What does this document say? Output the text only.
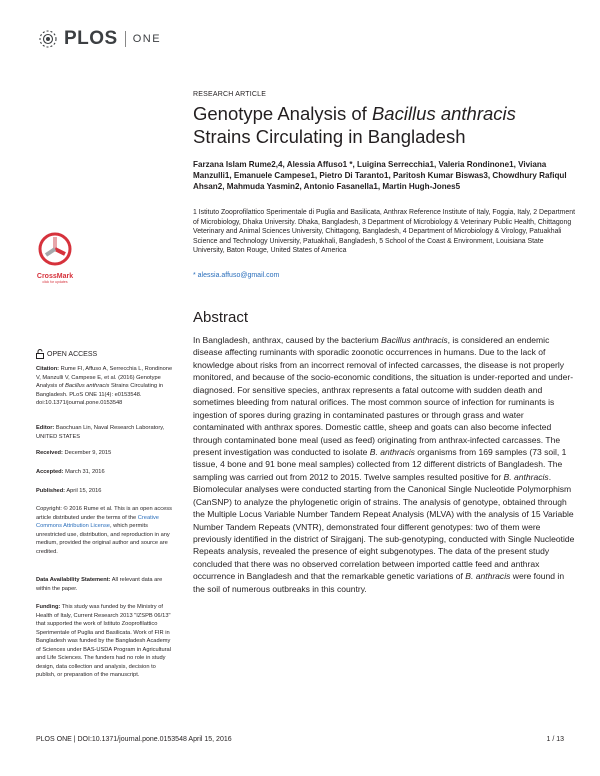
PLOS ONE
RESEARCH ARTICLE
Genotype Analysis of Bacillus anthracis
Strains Circulating in Bangladesh
Farzana Islam Rume2,4, Alessia Affuso1 *, Luigina Serrecchia1, Valeria Rondinone1, Viviana Manzulli1, Emanuele Campese1, Pietro Di Taranto1, Paritosh Kumar Biswas3, Chowdhury Rafiqul Ahsan2, Mahmuda Yasmin2, Antonio Fasanella1, Martin Hugh-Jones5
1 Istituto Zooprofilattico Sperimentale di Puglia and Basilicata, Anthrax Reference Institute of Italy, Foggia, Italy, 2 Department of Microbiology, Dhaka University. Dhaka, Bangladesh, 3 Department of Microbiology & Veterinary Public Health, Chittagong Veterinary and Animal Sciences University, Chittagong, Bangladesh, 4 Department of Microbiology & Virology, Patuakhali Science and Technology University, Patuakhali, Bangladesh, 5 School of the Coast & Environment, Louisiana State University, Baton Rouge, United States of America
* alessia.affuso@gmail.com
CrossMark
click for updates
OPEN ACCESS
Citation: Rume FI, Affuso A, Serrecchia L, Rondinone V, Manzulli V, Campese E, et al. (2016) Genotype Analysis of Bacillus anthracis Strains Circulating in Bangladesh. PLoS ONE 11(4): e0153548. doi:10.1371/journal.pone.0153548
Editor: Baochuan Lin, Naval Research Laboratory, UNITED STATES
Received: December 9, 2015
Accepted: March 31, 2016
Published: April 15, 2016
Copyright: © 2016 Rume et al. This is an open access article distributed under the terms of the Creative Commons Attribution License, which permits unrestricted use, distribution, and reproduction in any medium, provided the original author and source are credited.
Data Availability Statement: All relevant data are within the paper.
Funding: This study was funded by the Ministry of Health of Italy, Current Research 2013 "IZSPB 06/13" that supported the work of Istituto Zooprofilattico Sperimentale of Puglia and Basilicata. Work of FIR in Bangladesh was funded by the Bangladesh Academy of Sciences under BAS-USDA Program in Agricultural and Life Sciences. The funders had no role in study design, data collection and analysis, decision to publish, or preparation of the manuscript.
Abstract

In Bangladesh, anthrax, caused by the bacterium Bacillus anthracis, is considered an endemic disease affecting ruminants with sporadic zoonotic occurrences in humans. Due to the lack of knowledge about risks from an incorrect removal of infected carcasses, the disease is not properly monitored, and because of the socio-economic conditions, the situation is under-reported and under-diagnosed. For sensitive species, anthrax represents a fatal outcome with sudden death and sometimes bleeding from natural orifices. The most common source of infection for ruminants is ingestion of spores during grazing in contaminated pastures or through grass and water contaminated with anthrax spores. Domestic cattle, sheep and goats can also become infected through contaminated bone meal (used as feed) originating from anthrax-infected carcasses. The present investigation was conducted to isolate B. anthracis organisms from 169 samples (73 soil, 1 tissue, 4 bone and 91 bone meal samples) collected from 12 different districts of Bangladesh. The sampling was carried out from 2012 to 2015. Twelve samples resulted positive for B. anthracis. Biomolecular analyses were conducted starting from the Canonical Single Nucleotide Polymorphism (CanSNP) to analyze the phylogenetic origin of strains. The analysis of genotype, obtained through the Multiple Locus Variable Number Tandem Repeat Analysis (MLVA) with the analysis of 15 Variable Number Tandem Repeats (VNTR), demonstrated four different genotypes: two of them were previously identified in the district of Sirajganj. The sub-genotyping, conducted with Single Nucleotide Repeats analysis, revealed the presence of eight subgenotypes. The data of the present study concluded that there was no observed correlation between imported cattle feed and anthrax occurrence in Bangladesh and that the remarkable genetic variations of B. anthracis were found in the soil of numerous outbreaks in this country.

PLOS ONE | DOI:10.1371/journal.pone.0153548 April 15, 2016	1 / 13
